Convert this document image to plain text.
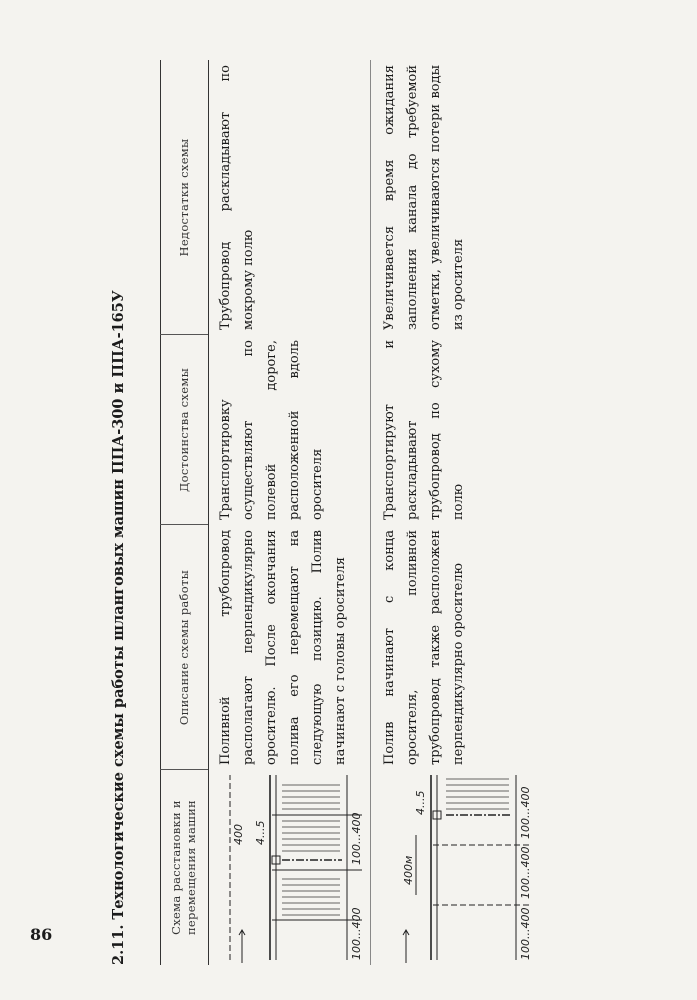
86	2.11. Технологические схемы работы шланговых машин ППА-300 и ППА-165У	Схема расстановки и перемещения машин
Описание схемы работы
Достоинства схемы
Недостатки схемы
400 4...5
100...400
100...400
Поливной трубопровод располагают перпендикулярно оросителю. После окончания полива его перемещают на следующую позицию. Полив начинают с головы оросителя
Транспортировку осуществляют по полевой дороге, расположенной вдоль оросителя
Трубопровод раскладывают по мокрому полю
400м
4...5
100...400
100...400
100...400
Полив начинают с конца оросителя, поливной трубопровод также расположен перпендикулярно оросителю
Транспортируют и раскладывают трубопровод по сухому полю
Увеличивается время ожидания заполнения канала до требуемой отметки, увеличиваются потери воды из оросителя
